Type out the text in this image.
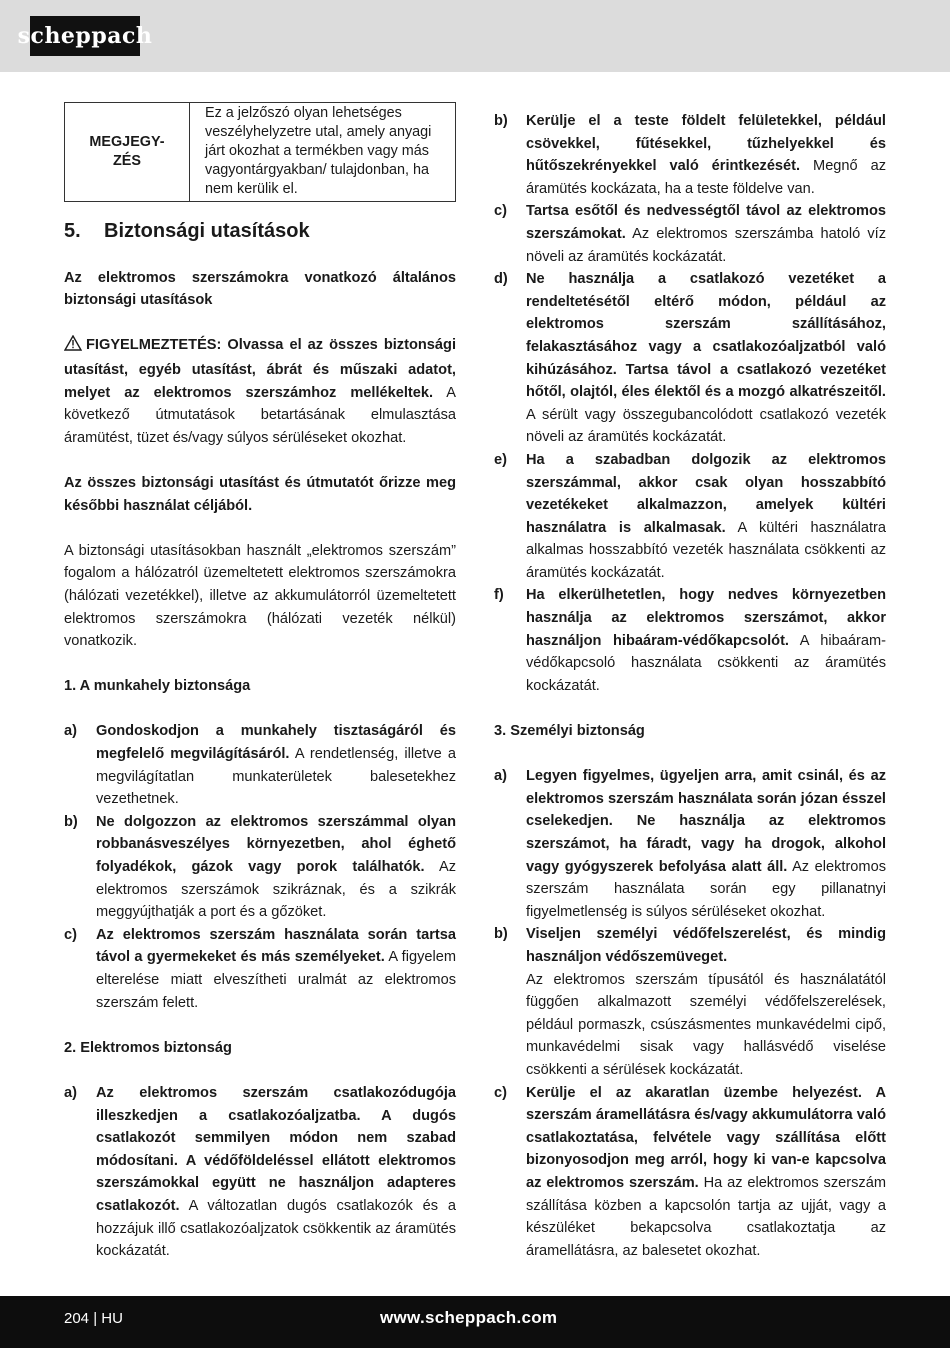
scheppach
MEGJEGY-
ZÉS	Ez a jelzőszó olyan lehetséges veszélyhelyzetre utal, amely anyagi járt okozhat a termékben vagy más vagyontárgyakban/ tulajdonban, ha nem kerülik el.
5.	Biztonsági utasítások

Az elektromos szerszámokra vonatkozó általános biztonsági utasítások

FIGYELMEZTETÉS: Olvassa el az összes biztonsági utasítást, egyéb utasítást, ábrát és műszaki adatot, melyet az elektromos szerszámhoz mellékeltek. A következő útmutatások betartásának elmulasztása áramütést, tüzet és/vagy súlyos sérüléseket okozhat.

Az összes biztonsági utasítást és útmutatót őrizze meg későbbi használat céljából.

A biztonsági utasításokban használt „elektromos szerszám” fogalom a hálózatról üzemeltetett elektromos szerszámokra (hálózati vezetékkel), illetve az akkumulátorról üzemeltetett elektromos szerszámokra (hálózati vezeték nélkül) vonatkozik.

1. A munkahely biztonsága

a)	Gondoskodjon a munkahely tisztaságáról és megfelelő megvilágításáról. A rendetlenség, illetve a megvilágítatlan munkaterületek balesetekhez vezethetnek.
b)	Ne dolgozzon az elektromos szerszámmal olyan robbanásveszélyes környezetben, ahol éghető folyadékok, gázok vagy porok találhatók. Az elektromos szerszámok szikráznak, és a szikrák meggyújthatják a port és a gőzöket.
c)	Az elektromos szerszám használata során tartsa távol a gyermekeket és más személyeket. A figyelem elterelése miatt elveszítheti uralmát az elektromos szerszám felett.

2. Elektromos biztonság

a)	Az elektromos szerszám csatlakozódugója illeszkedjen a csatlakozóaljzatba. A dugós csatlakozót semmilyen módon nem szabad módosítani. A védőföldeléssel ellátott elektromos szerszámokkal együtt ne használjon adapteres csatlakozót. A változatlan dugós csatlakozók és a hozzájuk illő csatlakozóaljzatok csökkentik az áramütés kockázatát.
b)	Kerülje el a teste földelt felületekkel, például csövekkel, fűtésekkel, tűzhelyekkel és hűtőszekrényekkel való érintkezését. Megnő az áramütés kockázata, ha a teste földelve van.
c)	Tartsa esőtől és nedvességtől távol az elektromos szerszámokat. Az elektromos szerszámba hatoló víz növeli az áramütés kockázatát.
d)	Ne használja a csatlakozó vezetéket a rendeltetésétől eltérő módon, például az elektromos szerszám szállításához, felakasztásához vagy a csatlakozóaljzatból való kihúzásához. Tartsa távol a csatlakozó vezetéket hőtől, olajtól, éles élektől és a mozgó alkatrészeitől. A sérült vagy összegubancolódott csatlakozó vezeték növeli az áramütés kockázatát.
e)	Ha a szabadban dolgozik az elektromos szerszámmal, akkor csak olyan hosszabbító vezetékeket alkalmazzon, amelyek kültéri használatra is alkalmasak. A kültéri használatra alkalmas hosszabbító vezeték használata csökkenti az áramütés kockázatát.
f)	Ha elkerülhetetlen, hogy nedves környezetben használja az elektromos szerszámot, akkor használjon hibaáram-védőkapcsolót. A hibaáram-védőkapcsoló használata csökkenti az áramütés kockázatát.

3. Személyi biztonság

a)	Legyen figyelmes, ügyeljen arra, amit csinál, és az elektromos szerszám használata során józan ésszel cselekedjen. Ne használja az elektromos szerszámot, ha fáradt, vagy ha drogok, alkohol vagy gyógyszerek befolyása alatt áll. Az elektromos szerszám használata során egy pillanatnyi figyelmetlenség is súlyos sérüléseket okozhat.
b)	Viseljen személyi védőfelszerelést, és mindig használjon védőszemüveget.
Az elektromos szerszám típusától és használatától függően alkalmazott személyi védőfelszerelések, például pormaszk, csúszásmentes munkavédelmi cipő, munkavédelmi sisak vagy hallásvédő viselése csökkenti a sérülések kockázatát.
c)	Kerülje el az akaratlan üzembe helyezést. A szerszám áramellátásra és/vagy akkumulátorra való csatlakoztatása, felvétele vagy szállítása előtt bizonyosodjon meg arról, hogy ki van-e kapcsolva az elektromos szerszám. Ha az elektromos szerszám szállítása közben a kapcsolón tartja az ujját, vagy a készüléket bekapcsolva csatlakoztatja az áramellátásra, az balesetet okozhat.
204 | HU	www.scheppach.com
